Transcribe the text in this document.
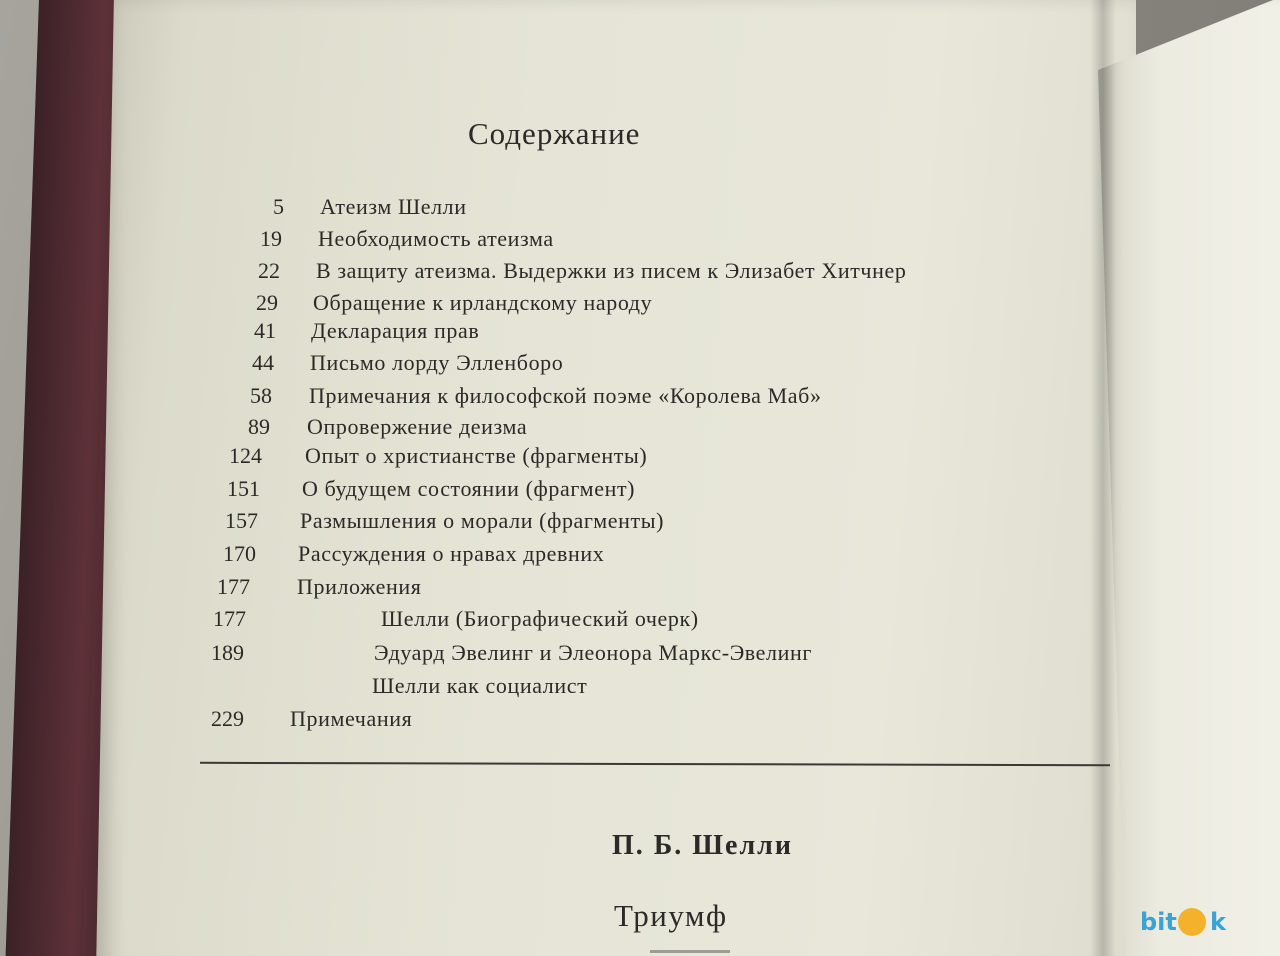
Содержание
5 Атеизм Шелли
19 Необходимость атеизма
22 В защиту атеизма. Выдержки из писем к Элизабет Хитчнер
29 Обращение к ирландскому народу
41 Декларация прав
44 Письмо лорду Элленборо
58 Примечания к философской поэме «Королева Маб»
89 Опровержение деизма
124 Опыт о христианстве (фрагменты)
151 О будущем состоянии (фрагмент)
157 Размышления о морали (фрагменты)
170 Рассуждения о нравах древних
177 Приложения
177	Шелли (Биографический очерк)
189	Эдуард Эвелинг и Элеонора Маркс-Эвелинг
Шелли как социалист
229 Примечания
П. Б. Шелли
Триумф	bit k
